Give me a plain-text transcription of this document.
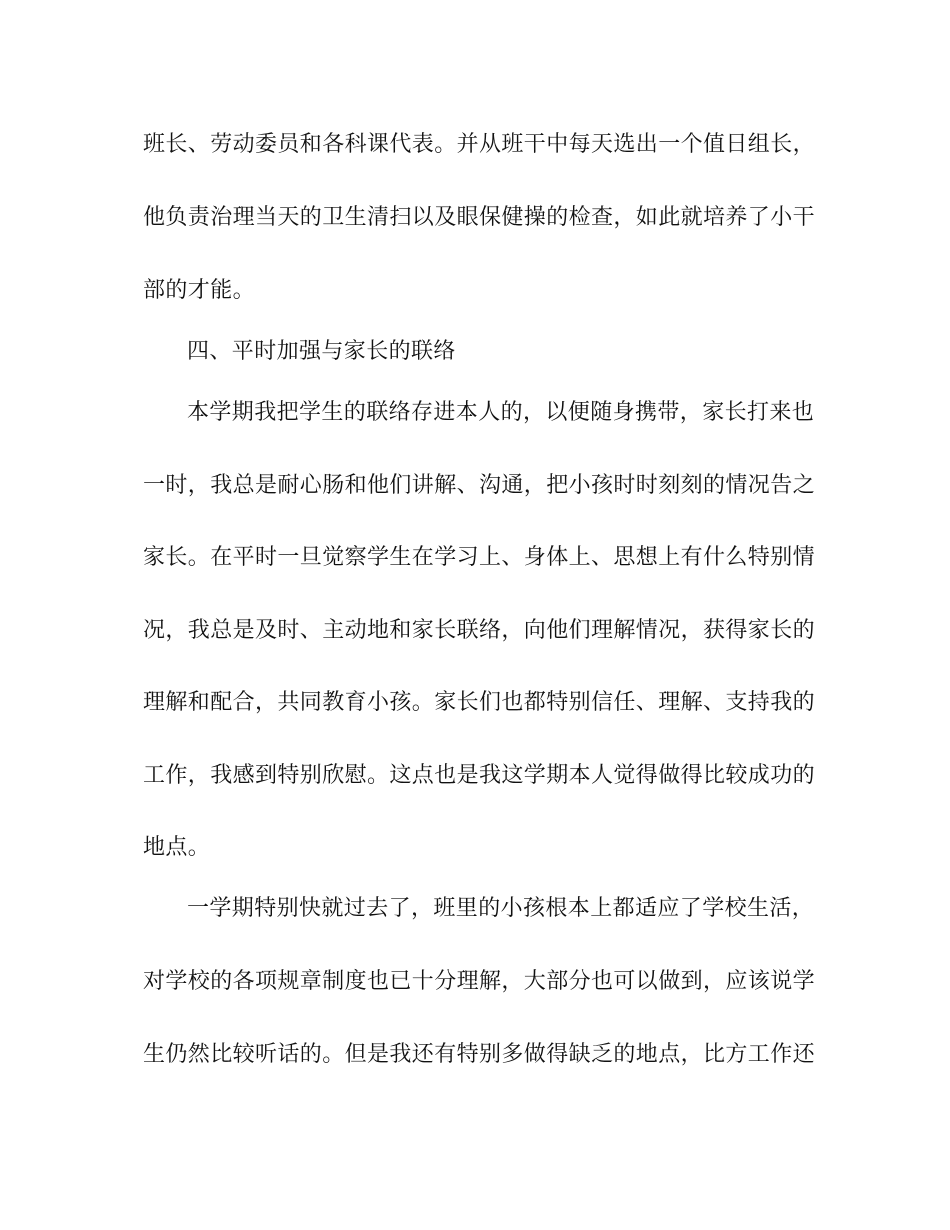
班长、劳动委员和各科课代表。并从班干中每天选出一个值日组长，
他负责治理当天的卫生清扫以及眼保健操的检查，如此就培养了小干
部的才能。
四、平时加强与家长的联络
本学期我把学生的联络存进本人的，以便随身携带，家长打来也
一时，我总是耐心肠和他们讲解、沟通，把小孩时时刻刻的情况告之
家长。在平时一旦觉察学生在学习上、身体上、思想上有什么特别情
况，我总是及时、主动地和家长联络，向他们理解情况，获得家长的
理解和配合，共同教育小孩。家长们也都特别信任、理解、支持我的
工作，我感到特别欣慰。这点也是我这学期本人觉得做得比较成功的
地点。
一学期特别快就过去了，班里的小孩根本上都适应了学校生活，
对学校的各项规章制度也已十分理解，大部分也可以做到，应该说学
生仍然比较听话的。但是我还有特别多做得缺乏的地点，比方工作还
